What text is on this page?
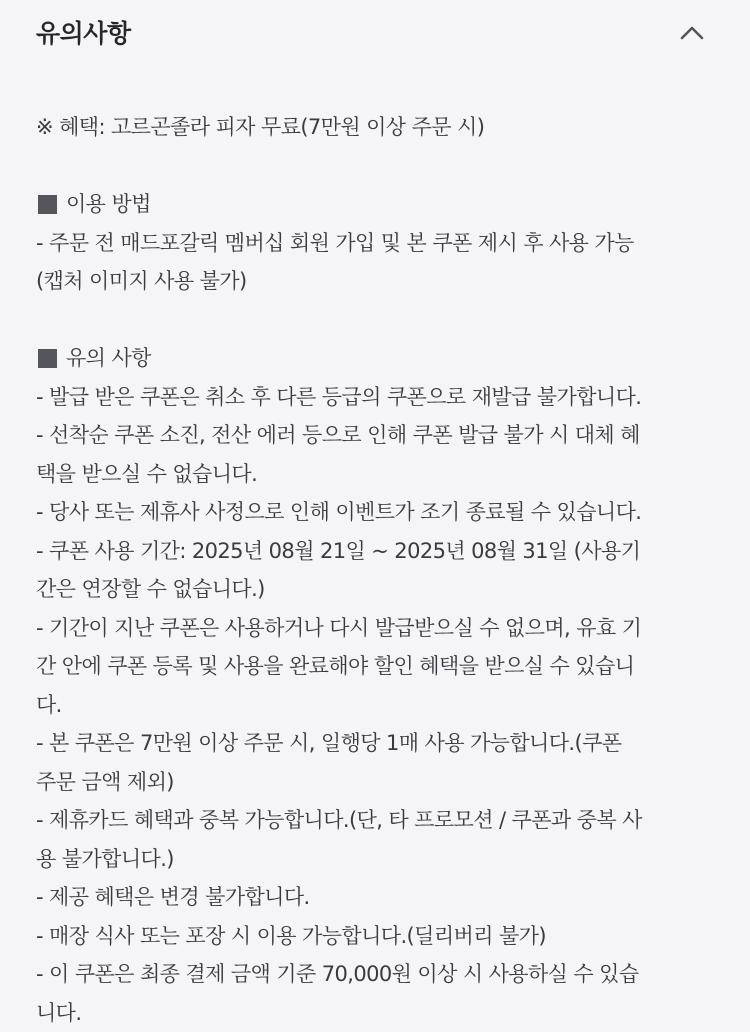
유의사항
※ 혜택: 고르곤졸라 피자 무료(7만원 이상 주문 시)
이용 방법
- 주문 전 매드포갈릭 멤버십 회원 가입 및 본 쿠폰 제시 후 사용 가능
(캡처 이미지 사용 불가)
유의 사항
- 발급 받은 쿠폰은 취소 후 다른 등급의 쿠폰으로 재발급 불가합니다.
- 선착순 쿠폰 소진, 전산 에러 등으로 인해 쿠폰 발급 불가 시 대체 혜
택을 받으실 수 없습니다.
- 당사 또는 제휴사 사정으로 인해 이벤트가 조기 종료될 수 있습니다.
- 쿠폰 사용 기간: 2025년 08월 21일 ~ 2025년 08월 31일 (사용기
간은 연장할 수 없습니다.)
- 기간이 지난 쿠폰은 사용하거나 다시 발급받으실 수 없으며, 유효 기
간 안에 쿠폰 등록 및 사용을 완료해야 할인 혜택을 받으실 수 있습니
다.
- 본 쿠폰은 7만원 이상 주문 시, 일행당 1매 사용 가능합니다.(쿠폰
주문 금액 제외)
- 제휴카드 혜택과 중복 가능합니다.(단, 타 프로모션 / 쿠폰과 중복 사
용 불가합니다.)
- 제공 혜택은 변경 불가합니다.
- 매장 식사 또는 포장 시 이용 가능합니다.(딜리버리 불가)
- 이 쿠폰은 최종 결제 금액 기준 70,000원 이상 시 사용하실 수 있습
니다.
